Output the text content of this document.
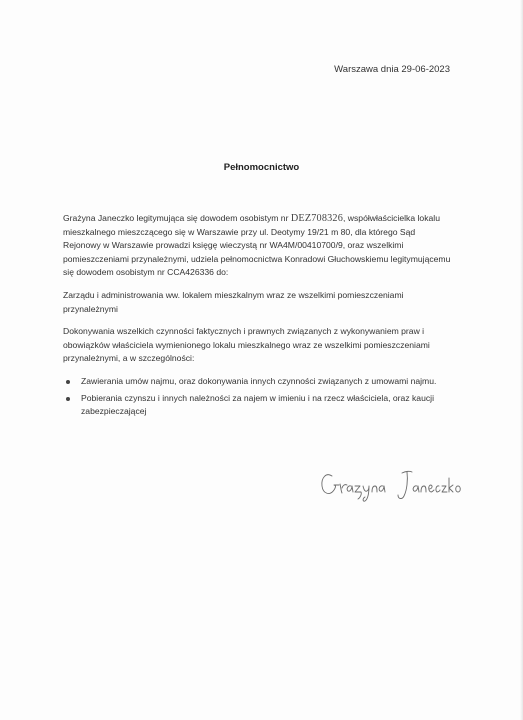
Warszawa dnia 29-06-2023
Pełnomocnictwo

Grażyna Janeczko legitymująca się dowodem osobistym nr DEZ708326, współwłaścicielka lokalu mieszkalnego mieszczącego się w Warszawie przy ul. Deotymy 19/21 m 80, dla którego Sąd Rejonowy w Warszawie prowadzi księgę wieczystą nr WA4M/00410700/9, oraz wszelkimi pomieszczeniami przynależnymi, udziela pełnomocnictwa Konradowi Głuchowskiemu legitymującemu się dowodem osobistym nr CCA426336 do:

Zarządu i administrowania ww. lokalem mieszkalnym wraz ze wszelkimi pomieszczeniami przynależnymi

Dokonywania wszelkich czynności faktycznych i prawnych związanych z wykonywaniem praw i obowiązków właściciela wymienionego lokalu mieszkalnego wraz ze wszelkimi pomieszczeniami przynależnymi, a w szczególności:

Zawierania umów najmu, oraz dokonywania innych czynności związanych z umowami najmu.
Pobierania czynszu i innych należności za najem w imieniu i na rzecz właściciela, oraz kaucji zabezpieczającej
